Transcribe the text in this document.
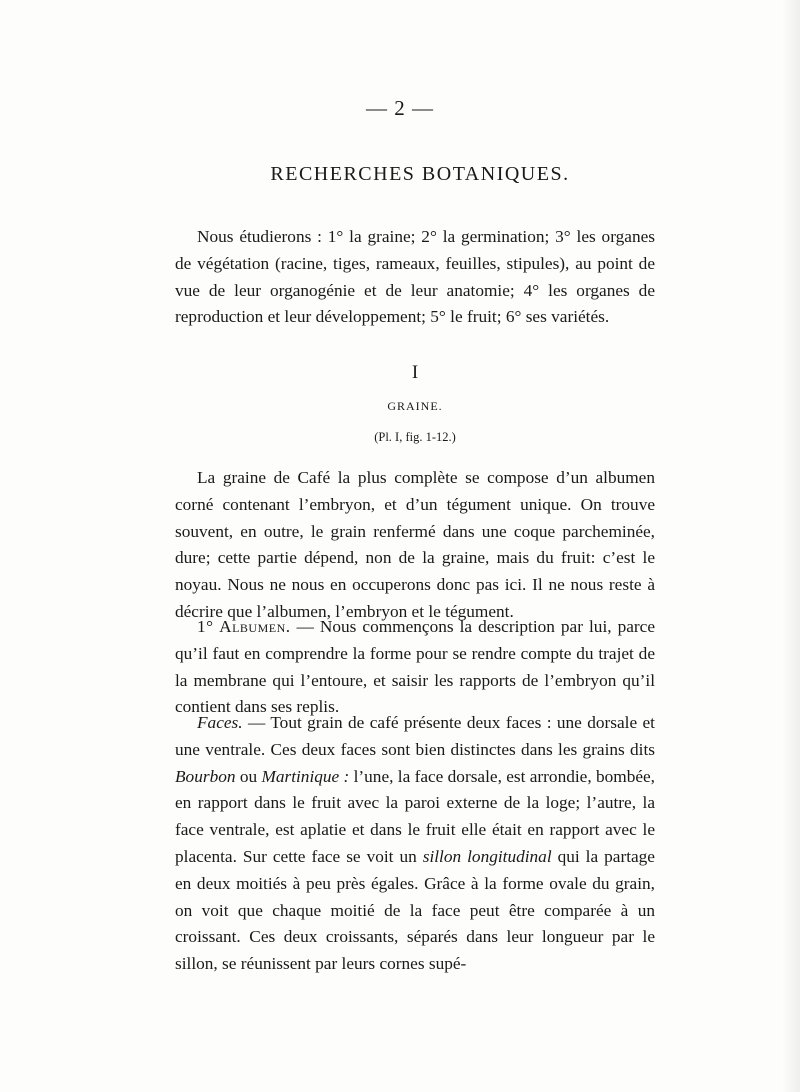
— 2 —
RECHERCHES BOTANIQUES.

Nous étudierons : 1° la graine; 2° la germination; 3° les organes de végétation (racine, tiges, rameaux, feuilles, stipules), au point de vue de leur organogénie et de leur anatomie; 4° les organes de reproduction et leur développement; 5° le fruit; 6° ses variétés.

I
GRAINE.
(Pl. I, fig. 1-12.)

La graine de Café la plus complète se compose d’un albumen corné contenant l’embryon, et d’un tégument unique. On trouve souvent, en outre, le grain renfermé dans une coque parcheminée, dure; cette partie dépend, non de la graine, mais du fruit: c’est le noyau. Nous ne nous en occuperons donc pas ici. Il ne nous reste à décrire que l’albumen, l’embryon et le tégument.

1° Albumen. — Nous commençons la description par lui, parce qu’il faut en comprendre la forme pour se rendre compte du trajet de la membrane qui l’entoure, et saisir les rapports de l’embryon qu’il contient dans ses replis.

Faces. — Tout grain de café présente deux faces : une dorsale et une ventrale. Ces deux faces sont bien distinctes dans les grains dits Bourbon ou Martinique : l’une, la face dorsale, est arrondie, bombée, en rapport dans le fruit avec la paroi externe de la loge; l’autre, la face ventrale, est aplatie et dans le fruit elle était en rapport avec le placenta. Sur cette face se voit un sillon longitudinal qui la partage en deux moitiés à peu près égales. Grâce à la forme ovale du grain, on voit que chaque moitié de la face peut être comparée à un croissant. Ces deux croissants, séparés dans leur longueur par le sillon, se réunissent par leurs cornes supé-
